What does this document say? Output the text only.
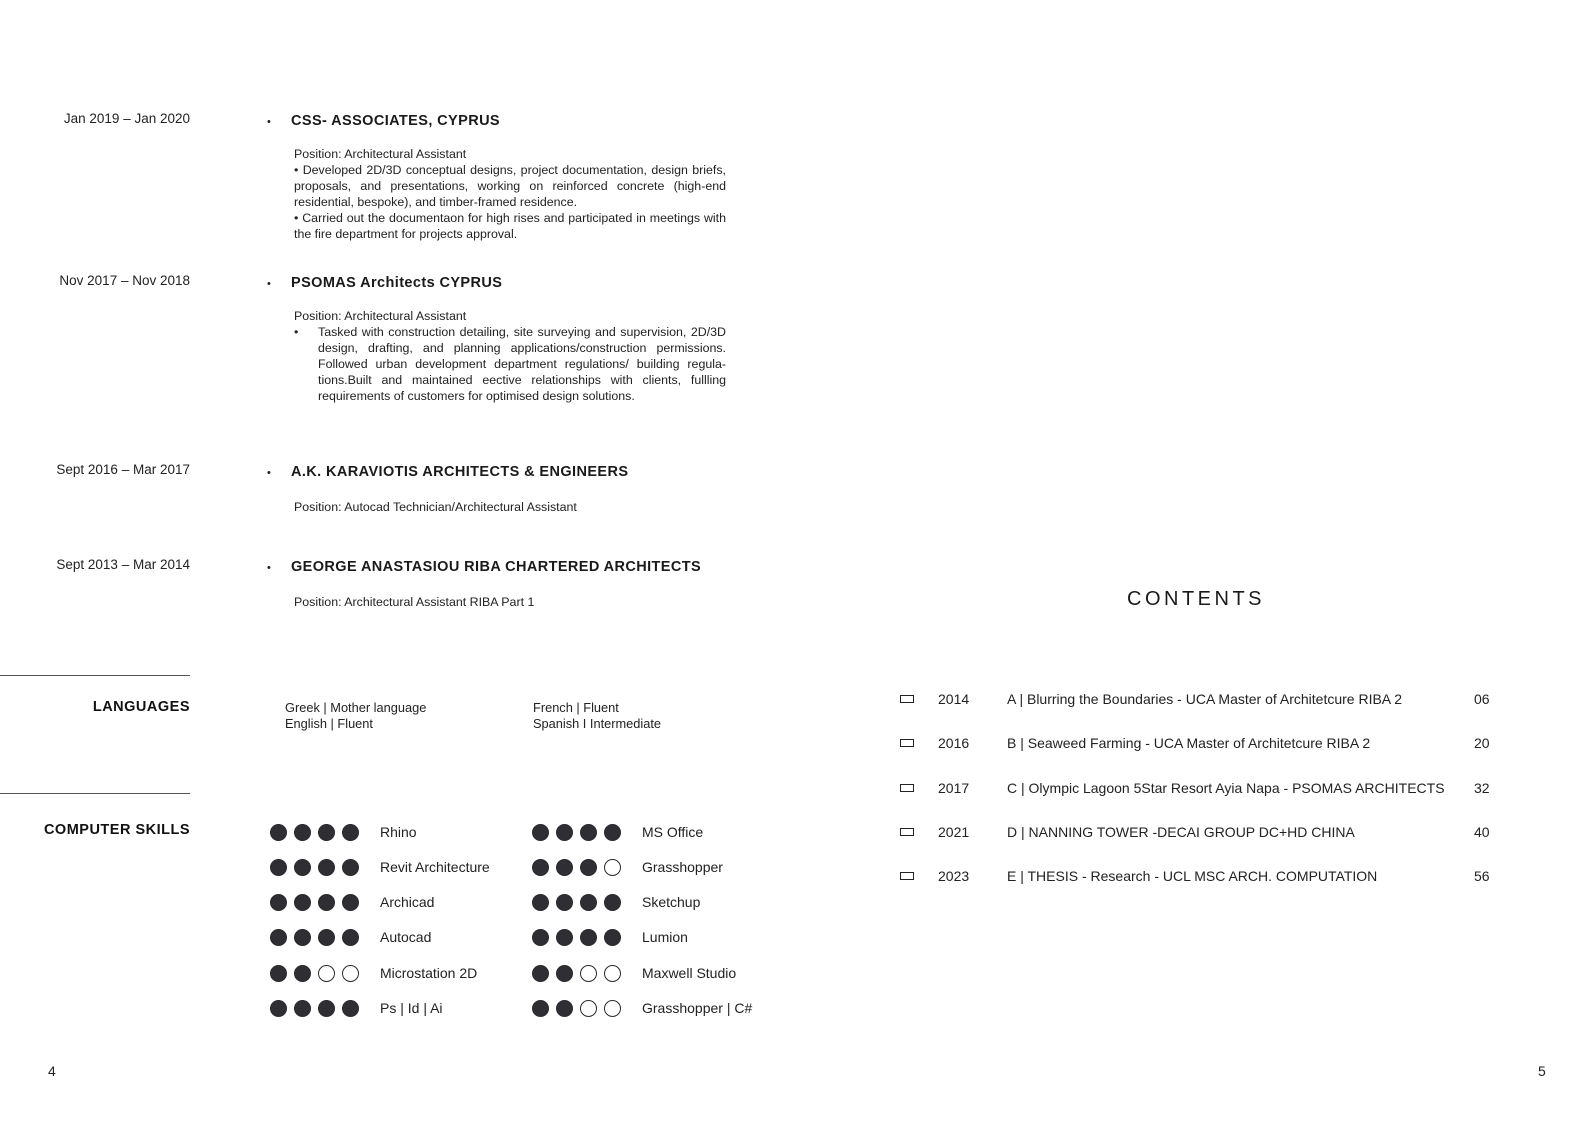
Jan 2019 – Jan 2020	• CSS- ASSOCIATES, CYPRUS
Position: Architectural Assistant
• Developed 2D/3D conceptual designs, project documentation, design briefs, proposals, and presentations, working on reinforced concrete (high-end residential, bespoke), and timber-framed residence.
• Carried out the documentaon for high rises and participated in meetings with the fire department for projects approval.
Nov 2017 – Nov 2018	• PSOMAS Architects CYPRUS
Position: Architectural Assistant
•	Tasked with construction detailing, site surveying and supervision, 2D/3D design, drafting, and planning applications/construction permissions. Followed urban development department regulations/ building regula-tions.Built and maintained eective relationships with clients, fullling requirements of customers for optimised design solutions.
Sept 2016 – Mar 2017	• A.K. KARAVIOTIS ARCHITECTS & ENGINEERS
Position: Autocad Technician/Architectural Assistant
Sept 2013 – Mar 2014	• GEORGE ANASTASIOU RIBA CHARTERED ARCHITECTS
Position: Architectural Assistant RIBA Part 1
LANGUAGES	Greek | Mother language
English | Fluent
French | Fluent
Spanish I Intermediate
COMPUTER SKILLS	Rhino
Revit Architecture
Archicad
Autocad
Microstation 2D
Ps | Id | Ai
MS Office
Grasshopper
Sketchup
Lumion
Maxwell Studio
Grasshopper | C#
CONTENTS
2014	A | Blurring the Boundaries - UCA Master of Architetcure RIBA 2	06
2016	B | Seaweed Farming - UCA Master of Architetcure RIBA 2	20
2017	C | Olympic Lagoon 5Star Resort Ayia Napa - PSOMAS ARCHITECTS 32
2021	D | NANNING TOWER -DECAI GROUP DC+HD CHINA	40
2023	E | THESIS - Research - UCL MSC ARCH. COMPUTATION	56
4	5
